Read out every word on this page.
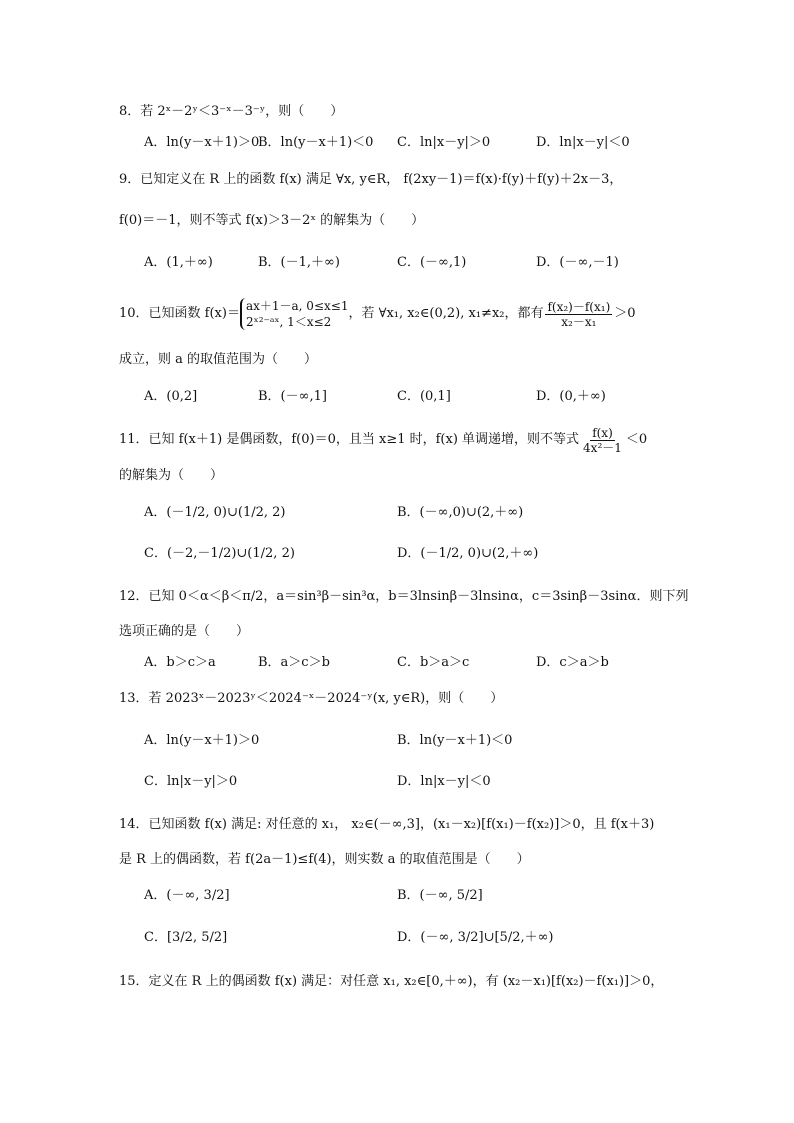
8．若 2ˣ－2ʸ＜3⁻ˣ－3⁻ʸ，则（　　）
A．ln(y－x＋1)＞0
B．ln(y－x＋1)＜0 C．ln|x－y|＞0	D．ln|x－y|＜0
9．已知定义在 R 上的函数 f(x) 满足 ∀x, y∈R， f(2xy－1)＝f(x)·f(y)＋f(y)＋2x－3，
f(0)＝－1，则不等式 f(x)＞3－2ˣ 的解集为（　　）
A．(1,＋∞)	B．(－1,＋∞)	C．(－∞,1)	D．(－∞,－1)
10．已知函数 f(x)＝ ax＋1－a, 0≤x≤1
2ˣ²⁻ᵃˣ, 1＜x≤2
，若 ∀x₁, x₂∈(0,2), x₁≠x₂，都有 $\frac{\text{f(x₂)－f(x₁)}}{\text{x₂－x₁}} >0$
成立，则 a 的取值范围为（　　）
A．(0,2]	B．(－∞,1]	C．(0,1]	D．(0,＋∞)
11．已知 f(x＋1) 是偶函数，f(0)＝0，且当 x≥1 时，f(x) 单调递增，则不等式 $\frac{f(x)}{\text{4x²－1}} <0$
的解集为（　　）
A．(－1/2, 0)∪(1/2, 2)	B．(－∞,0)∪(2,＋∞)
C．(－2,－1/2)∪(1/2, 2)	D．(－1/2, 0)∪(2,＋∞)
12．已知 0＜α＜β＜π/2，a＝sin³β－sin³α，b＝3lnsinβ－3lnsinα，c＝3sinβ－3sinα．则下列
选项正确的是（　　）
A．b＞c＞a	B．a＞c＞b	C．b＞a＞c	D．c＞a＞b
13．若 2023ˣ－2023ʸ＜2024⁻ˣ－2024⁻ʸ(x, y∈R)，则（　　）
A．ln(y－x＋1)＞0	B．ln(y－x＋1)＜0
C．ln|x－y|＞0	D．ln|x－y|＜0
14．已知函数 f(x) 满足: 对任意的 x₁， x₂∈(－∞,3]，(x₁－x₂)[f(x₁)－f(x₂)]＞0，且 f(x＋3)
是 R 上的偶函数，若 f(2a－1)≤f(4)，则实数 a 的取值范围是（　　）
A．(－∞, 3/2]	B．(－∞, 5/2]
C．[3/2, 5/2]	D．(－∞, 3/2]∪[5/2,＋∞)
15．定义在 R 上的偶函数 f(x) 满足：对任意 x₁, x₂∈[0,＋∞)，有 (x₂－x₁)[f(x₂)－f(x₁)]＞0，
